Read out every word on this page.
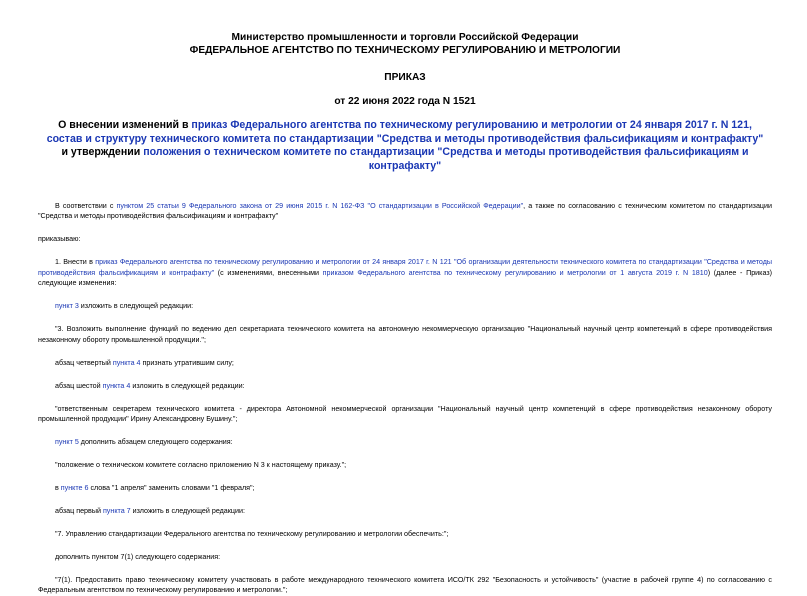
Министерство промышленности и торговли Российской Федерации
ФЕДЕРАЛЬНОЕ АГЕНТСТВО ПО ТЕХНИЧЕСКОМУ РЕГУЛИРОВАНИЮ И МЕТРОЛОГИИ
ПРИКАЗ
от 22 июня 2022 года N 1521
О внесении изменений в приказ Федерального агентства по техническому регулированию и метрологии от 24 января 2017 г. N 121, состав и структуру технического комитета по стандартизации "Средства и методы противодействия фальсификациям и контрафакту" и утверждении положения о техническом комитете по стандартизации "Средства и методы противодействия фальсификациям и контрафакту"

В соответствии с пунктом 25 статьи 9 Федерального закона от 29 июня 2015 г. N 162-ФЗ "О стандартизации в Российской Федерации", а также по согласованию с техническим комитетом по стандартизации "Средства и методы противодействия фальсификациям и контрафакту"

приказываю:

1. Внести в приказ Федерального агентства по техническому регулированию и метрологии от 24 января 2017 г. N 121 "Об организации деятельности технического комитета по стандартизации "Средства и методы противодействия фальсификациям и контрафакту" (с изменениями, внесенными приказом Федерального агентства по техническому регулированию и метрологии от 1 августа 2019 г. N 1810) (далее - Приказ) следующие изменения:

пункт 3 изложить в следующей редакции:

"3. Возложить выполнение функций по ведению дел секретариата технического комитета на автономную некоммерческую организацию "Национальный научный центр компетенций в сфере противодействия незаконному обороту промышленной продукции.";

абзац четвертый пункта 4 признать утратившим силу;

абзац шестой пункта 4 изложить в следующей редакции:

"ответственным секретарем технического комитета - директора Автономной некоммерческой организации "Национальный научный центр компетенций в сфере противодействия незаконному обороту промышленной продукции" Ирину Александровну Бушину.";

пункт 5 дополнить абзацем следующего содержания:

"положение о техническом комитете согласно приложению N 3 к настоящему приказу.";

в пункте 6 слова "1 апреля" заменить словами "1 февраля";

абзац первый пункта 7 изложить в следующей редакции:

"7. Управлению стандартизации Федерального агентства по техническому регулированию и метрологии обеспечить:";

дополнить пунктом 7(1) следующего содержания:

"7(1). Предоставить право техническому комитету участвовать в работе международного технического комитета ИСО/ТК 292 "Безопасность и устойчивость" (участие в рабочей группе 4) по согласованию с Федеральным агентством по техническому регулированию и метрологии.";
